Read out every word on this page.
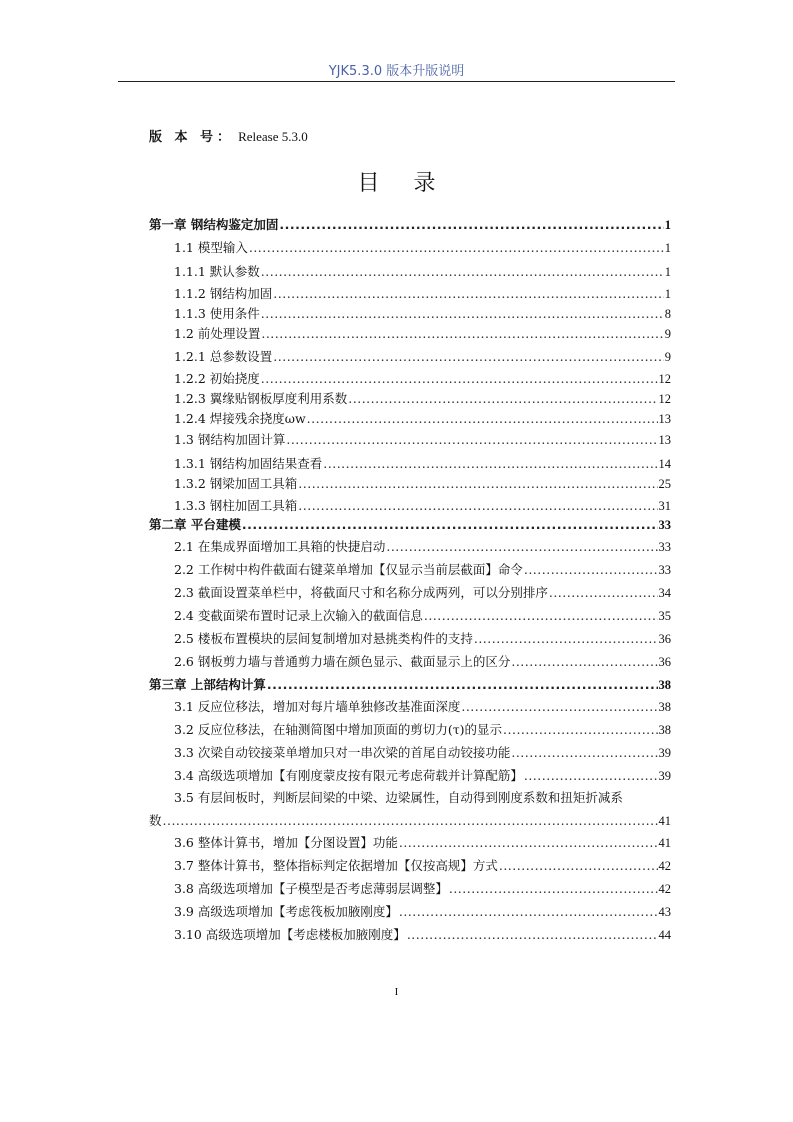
YJK5.3.0 版本升版说明
版 本 号： Release 5.3.0
目录
第一章 钢结构鉴定加固 .....	1
1.1 模型输入 .....	1
1.1.1 默认参数 .....	1
1.1.2 钢结构加固 .....	1
1.1.3 使用条件 .....	8
1.2 前处理设置 .....	9
1.2.1 总参数设置 .....	9
1.2.2 初始挠度 .....	12
1.2.3 翼缘贴钢板厚度利用系数 .....	12
1.2.4 焊接残余挠度ωw .....	13
1.3 钢结构加固计算 .....	13
1.3.1 钢结构加固结果查看 .....	14
1.3.2 钢梁加固工具箱 .....	25
1.3.3 钢柱加固工具箱 .....	31
第二章 平台建模 .....	33
2.1 在集成界面增加工具箱的快捷启动 .....	33
2.2 工作树中构件截面右键菜单增加【仅显示当前层截面】命令 .....	33
2.3 截面设置菜单栏中，将截面尺寸和名称分成两列，可以分别排序 .....	34
2.4 变截面梁布置时记录上次输入的截面信息 .....	35
2.5 楼板布置模块的层间复制增加对悬挑类构件的支持 .....	36
2.6 钢板剪力墙与普通剪力墙在颜色显示、截面显示上的区分 .....	36
第三章 上部结构计算 .....	38
3.1 反应位移法，增加对每片墙单独修改基准面深度 .....	38
3.2 反应位移法，在轴测简图中增加顶面的剪切力(τ)的显示 .....	38
3.3 次梁自动铰接菜单增加只对一串次梁的首尾自动铰接功能 .....	39
3.4 高级选项增加【有刚度蒙皮按有限元考虑荷载并计算配筋】 .....	39
3.5 有层间板时，判断层间梁的中梁、边梁属性，自动得到刚度系数和扭矩折减系
数 .....	41
3.6 整体计算书，增加【分图设置】功能 .....	41
3.7 整体计算书，整体指标判定依据增加【仅按高规】方式 .....	42
3.8 高级选项增加【子模型是否考虑薄弱层调整】 .....	42
3.9 高级选项增加【考虑筏板加腋刚度】 .....	43
3.10 高级选项增加【考虑楼板加腋刚度】 .....	44
I
